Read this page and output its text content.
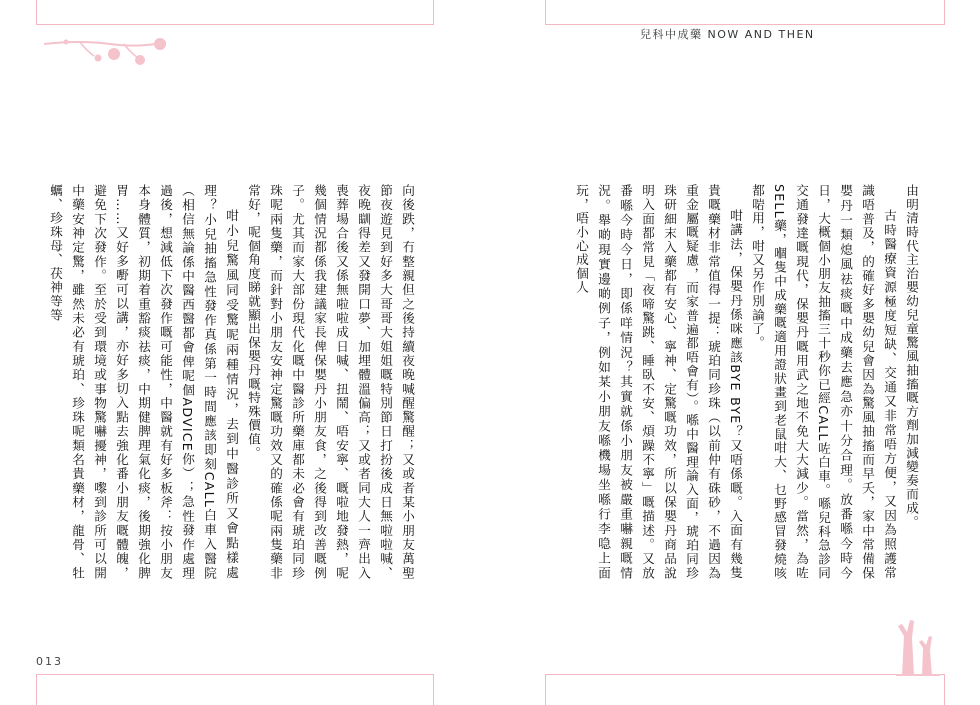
兒科中成藥 NOW AND THEN

由明清時代主治嬰幼兒童驚風抽搐嘅方劑加減變奏而成。

古時醫療資源極度短缺、交通又非常唔方便，又因為照護常識唔普及，的確好多嬰幼兒會因為驚風抽搐而早夭，家中常備保嬰丹一類熄風祛痰嘅中成藥去應急亦十分合理。放番喺今時今日，大概個小朋友抽搐三十秒你已經CALL咗白車。喺兒科急診同交通發達嘅現代，保嬰丹嘅用武之地不免大大減少。當然，為咗SELL藥，嗰隻中成藥嘅適用證狀畫到老鼠咁大、乜野感冒發燒咳都啱用，咁又另作別論了。

咁講法，保嬰丹係咪應該BYE BYE？又唔係嘅。入面有幾隻貴嘅藥材非常值得一提：琥珀同珍珠（以前仲有硃砂，不過因為重金屬嘅疑慮，而家普遍都唔會有）。喺中醫理論入面，琥珀同珍珠研細末入藥都有安心、寧神、定驚嘅功效，所以保嬰丹商品說明入面都常見「夜啼驚跳、睡臥不安、煩躁不寧」嘅描述。又放番喺今時今日，即係咩情況？其實就係小朋友被嚴重嚇親嘅情況。舉啲現實邊啲例子，例如某小朋友喺機場坐喺行李喼上面玩，唔小心成個人

向後跌，冇整親但之後持續夜晚喊醒驚醒；又或者某小朋友萬聖節夜遊見到好多大哥哥大姐姐嘅特別節日打扮後成日無啦啦喊、夜晚瞓得差又發開口夢、加埋體溫偏高；又或者同大人一齊出入喪葬場合後又係無啦啦成日喊、扭鬧、唔安寧、嘅啦地發熱，呢幾個情況都係我建議家長俾保嬰丹小朋友食，之後得到改善嘅例子。尤其而家大部份現代化嘅中醫診所藥庫都未必會有琥珀同珍珠呢兩隻藥，而針對小朋友安神定驚嘅功效又的確係呢兩隻藥非常好，呢個角度睇就顯出保嬰丹嘅特殊價值。

咁小兒驚風同受驚呢兩種情況，去到中醫診所又會點樣處理？小兒抽搐急性發作真係第一時間應該即刻CALL白車入醫院（相信無論係中醫西醫都會俾呢個ADVICE你）；急性發作處理過後，想減低下次發作嘅可能性，中醫就有好多板斧：按小朋友本身體質，初期着重豁痰祛痰，中期健脾理氣化痰，後期強化脾胃……又好多嘢可以講，亦好多切入點去強化番小朋友嘅體魄，避免下次發作。至於受到環境或事物驚嚇擾神，嚟到診所可以開中藥安神定驚，雖然未必有琥珀、珍珠呢類名貴藥材，龍骨、牡蠣、珍珠母、茯神等等

013
